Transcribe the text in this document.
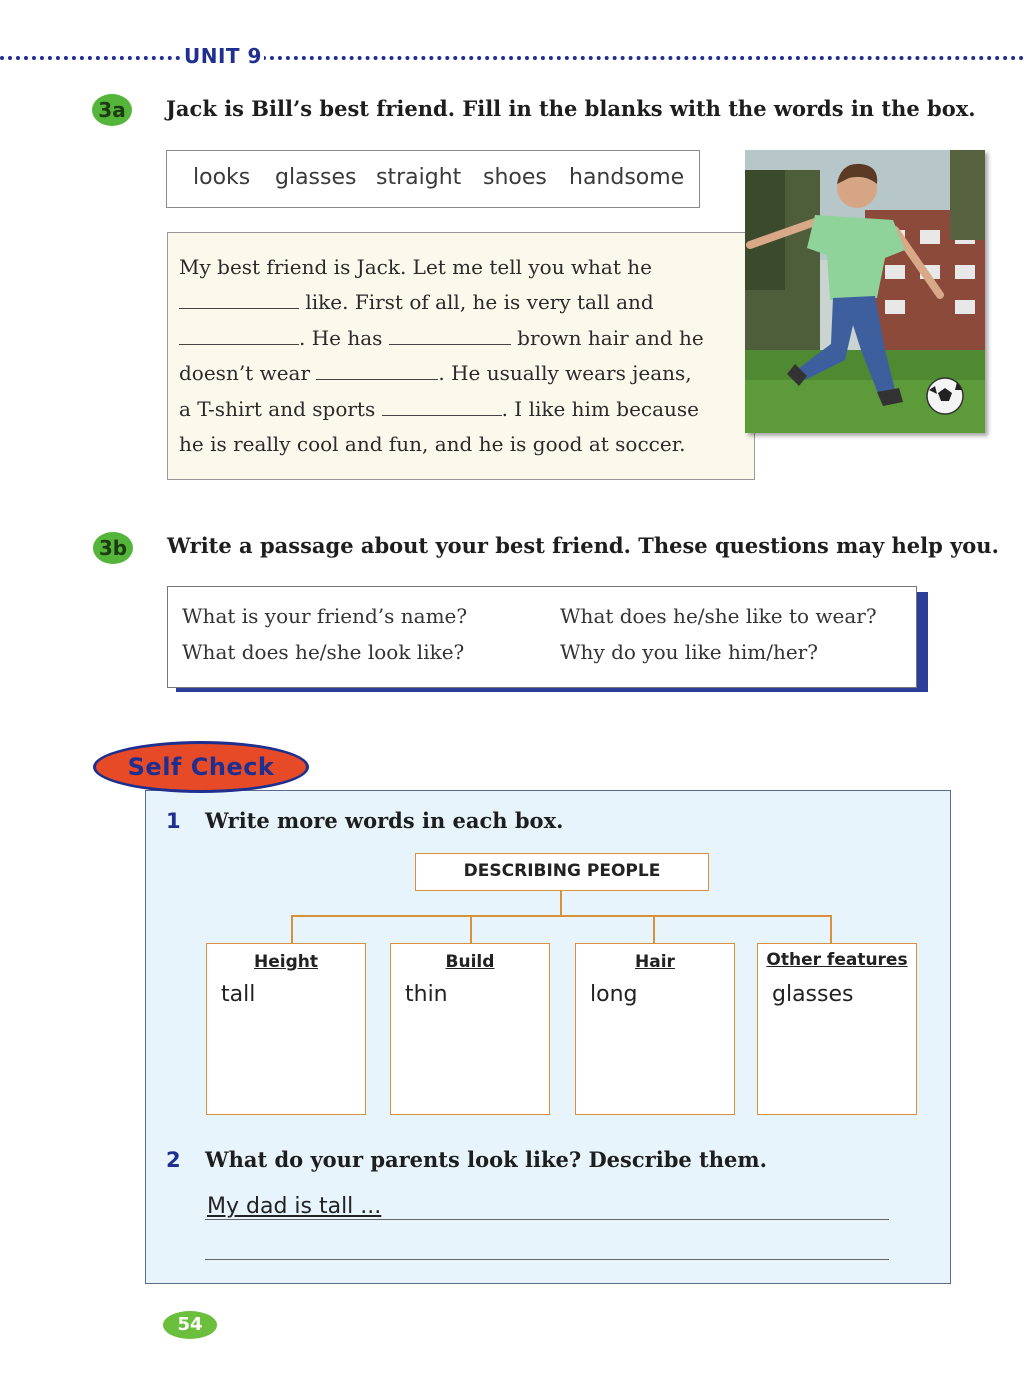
UNIT 9
3a Jack is Bill’s best friend. Fill in the blanks with the words in the box.
looks glasses straight shoes handsome
My best friend is Jack. Let me tell you what he
like. First of all, he is very tall and
. He has	brown hair and he
doesn’t wear	. He usually wears jeans,
a T-shirt and sports	. I like him because
he is really cool and fun, and he is good at soccer.
3b Write a passage about your best friend. These questions may help you.
What is your friend’s name?
What does he/she look like?
What does he/she like to wear?
Why do you like him/her?
Self Check
1 Write more words in each box.
DESCRIBING PEOPLE
Height
tall
Build
thin
Hair
long
Other features
glasses
2 What do your parents look like? Describe them.
My dad is tall ...
54
